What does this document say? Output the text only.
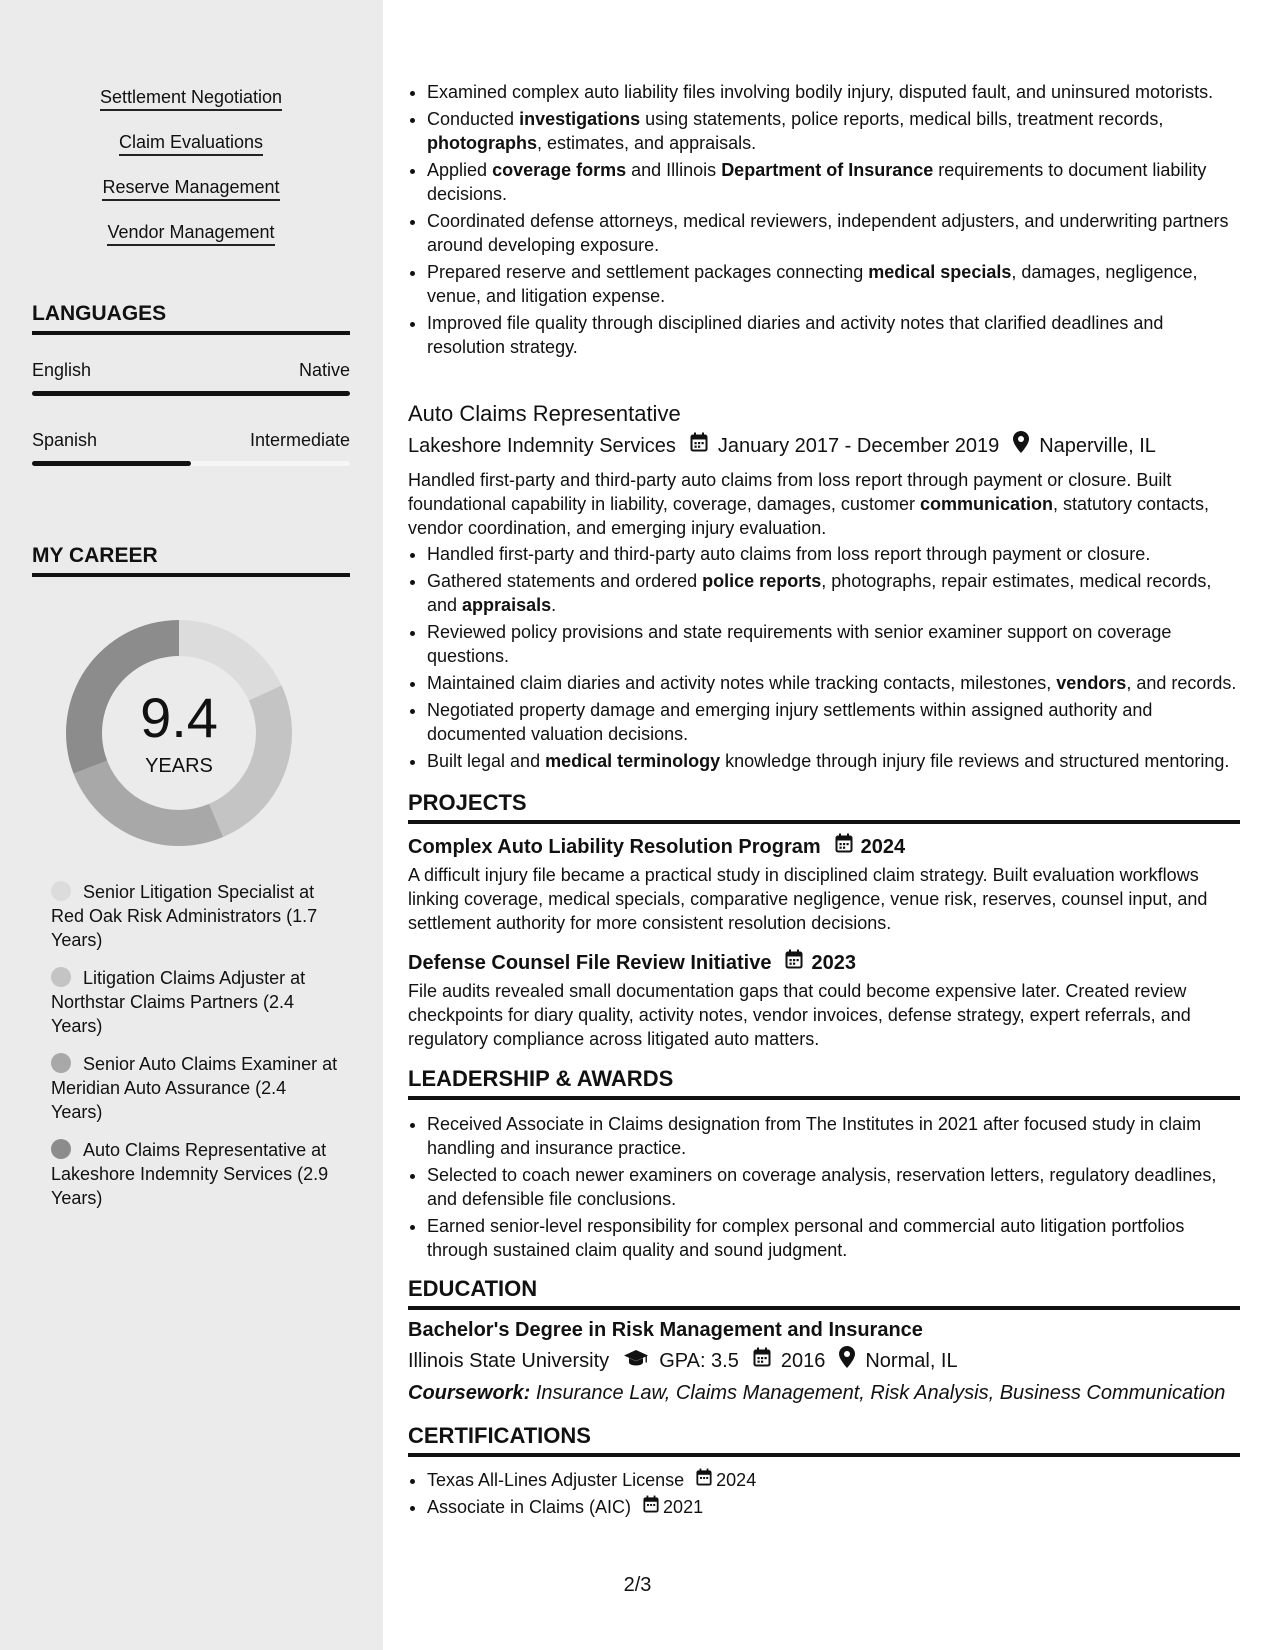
Settlement Negotiation
Claim Evaluations
Reserve Management
Vendor Management
LANGUAGES
English	Native
Spanish	Intermediate
MY CAREER
9.4
YEARS
Senior Litigation Specialist at Red Oak Risk Administrators (1.7 Years)
Litigation Claims Adjuster at Northstar Claims Partners (2.4 Years)
Senior Auto Claims Examiner at Meridian Auto Assurance (2.4 Years)
Auto Claims Representative at Lakeshore Indemnity Services (2.9 Years)
• Examined complex auto liability files involving bodily injury, disputed fault, and uninsured motorists.
• Conducted investigations using statements, police reports, medical bills, treatment records, photographs, estimates, and appraisals.
• Applied coverage forms and Illinois Department of Insurance requirements to document liability decisions.
• Coordinated defense attorneys, medical reviewers, independent adjusters, and underwriting partners around developing exposure.
• Prepared reserve and settlement packages connecting medical specials, damages, negligence, venue, and litigation expense.
• Improved file quality through disciplined diaries and activity notes that clarified deadlines and resolution strategy.
Auto Claims Representative
Lakeshore Indemnity Services January 2017 - December 2019 Naperville, IL
Handled first-party and third-party auto claims from loss report through payment or closure. Built foundational capability in liability, coverage, damages, customer communication, statutory contacts, vendor coordination, and emerging injury evaluation.
• Handled first-party and third-party auto claims from loss report through payment or closure.
• Gathered statements and ordered police reports, photographs, repair estimates, medical records, and appraisals.
• Reviewed policy provisions and state requirements with senior examiner support on coverage questions.
• Maintained claim diaries and activity notes while tracking contacts, milestones, vendors, and records.
• Negotiated property damage and emerging injury settlements within assigned authority and documented valuation decisions.
• Built legal and medical terminology knowledge through injury file reviews and structured mentoring.
PROJECTS
Complex Auto Liability Resolution Program 2024
A difficult injury file became a practical study in disciplined claim strategy. Built evaluation workflows linking coverage, medical specials, comparative negligence, venue risk, reserves, counsel input, and settlement authority for more consistent resolution decisions.
Defense Counsel File Review Initiative 2023
File audits revealed small documentation gaps that could become expensive later. Created review checkpoints for diary quality, activity notes, vendor invoices, defense strategy, expert referrals, and regulatory compliance across litigated auto matters.
LEADERSHIP & AWARDS
• Received Associate in Claims designation from The Institutes in 2021 after focused study in claim handling and insurance practice.
• Selected to coach newer examiners on coverage analysis, reservation letters, regulatory deadlines, and defensible file conclusions.
• Earned senior-level responsibility for complex personal and commercial auto litigation portfolios through sustained claim quality and sound judgment.
EDUCATION
Bachelor's Degree in Risk Management and Insurance
Illinois State University	GPA: 3.5 2016 Normal, IL
Coursework: Insurance Law, Claims Management, Risk Analysis, Business Communication
CERTIFICATIONS
• Texas All-Lines Adjuster License 2024
• Associate in Claims (AIC) 2021
2/3
